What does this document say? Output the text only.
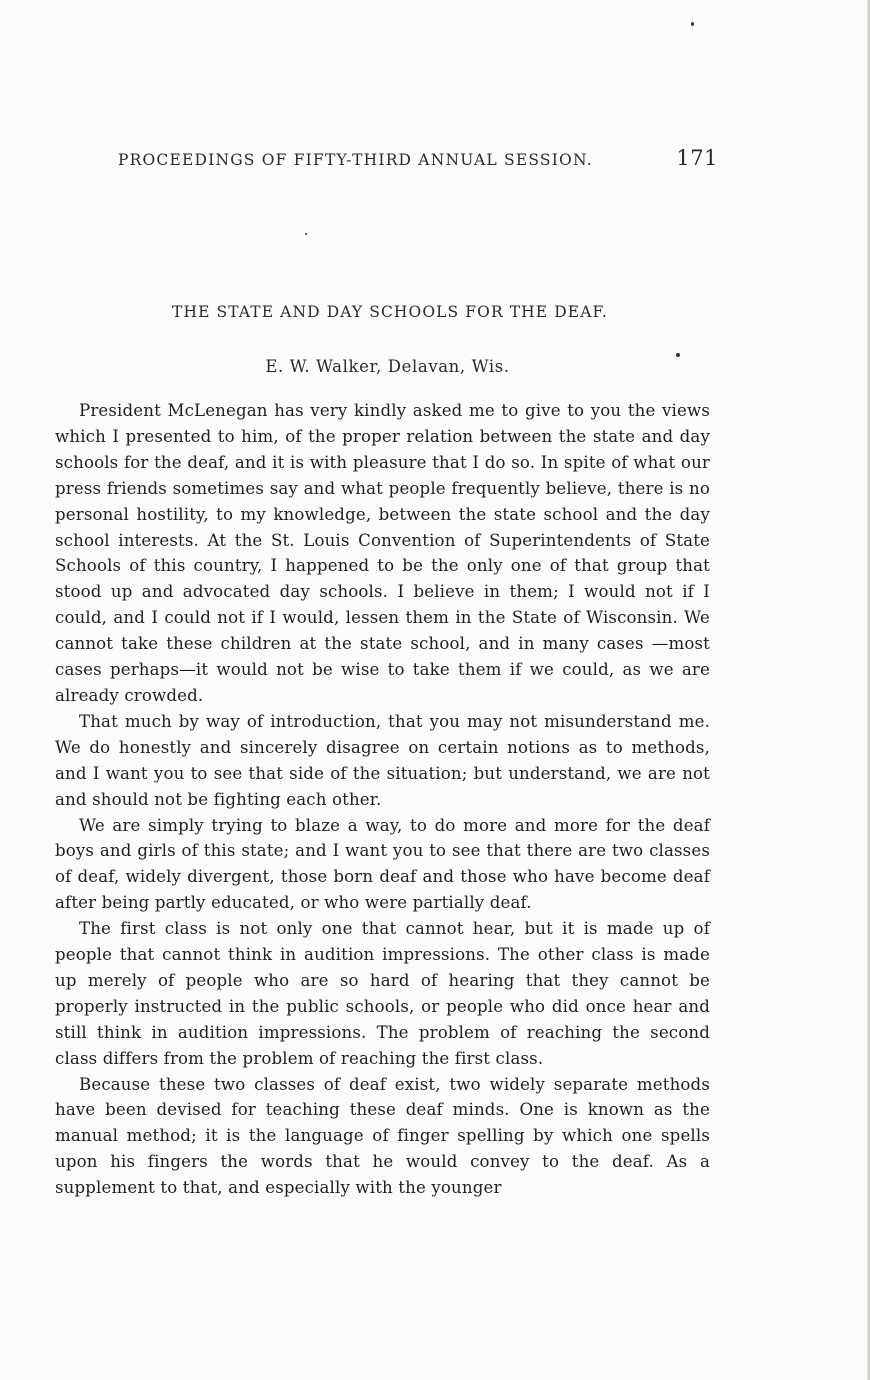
PROCEEDINGS OF FIFTY-THIRD ANNUAL SESSION.	171
THE STATE AND DAY SCHOOLS FOR THE DEAF.
E. W. Walker, Delavan, Wis.

President McLenegan has very kindly asked me to give to you the views which I presented to him, of the proper relation between the state and day schools for the deaf, and it is with pleasure that I do so. In spite of what our press friends sometimes say and what people frequently believe, there is no personal hostility, to my knowledge, between the state school and the day school interests. At the St. Louis Convention of Superintendents of State Schools of this country, I happened to be the only one of that group that stood up and advocated day schools. I believe in them; I would not if I could, and I could not if I would, lessen them in the State of Wisconsin. We cannot take these children at the state school, and in many cases —most cases perhaps—it would not be wise to take them if we could, as we are already crowded.

That much by way of introduction, that you may not misunderstand me. We do honestly and sincerely disagree on certain notions as to methods, and I want you to see that side of the situation; but understand, we are not and should not be fighting each other.

We are simply trying to blaze a way, to do more and more for the deaf boys and girls of this state; and I want you to see that there are two classes of deaf, widely divergent, those born deaf and those who have become deaf after being partly educated, or who were partially deaf.

The first class is not only one that cannot hear, but it is made up of people that cannot think in audition impressions. The other class is made up merely of people who are so hard of hearing that they cannot be properly instructed in the public schools, or people who did once hear and still think in audition impressions. The problem of reaching the second class differs from the problem of reaching the first class.

Because these two classes of deaf exist, two widely separate methods have been devised for teaching these deaf minds. One is known as the manual method; it is the language of finger spelling by which one spells upon his fingers the words that he would convey to the deaf. As a supplement to that, and especially with the younger
